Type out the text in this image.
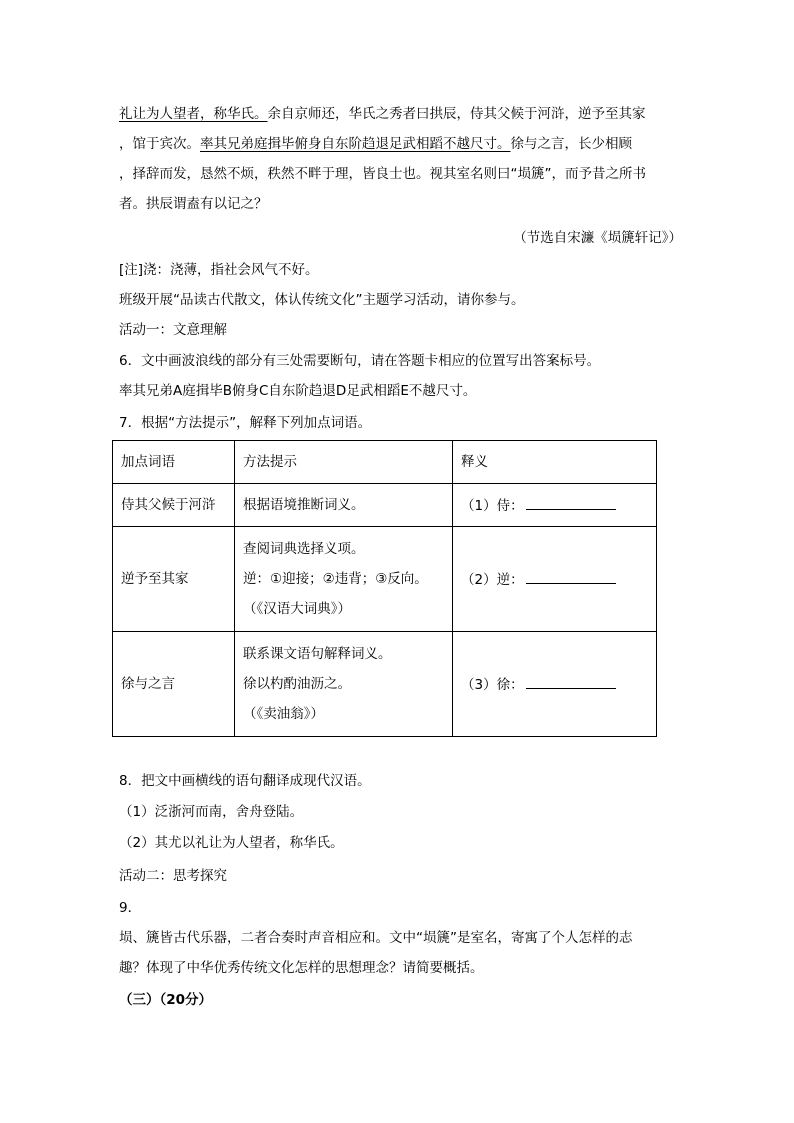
礼让为人望者，称华氏。余自京师还，华氏之秀者曰拱辰，侍其父候于河浒，逆予至其家
，馆于宾次。率其兄弟庭揖毕俯身自东阶趋退足武相蹈不越尺寸。徐与之言，长少相顾
，择辞而发，恳然不烦，秩然不畔于理，皆良士也。视其室名则曰“埙篪”，而予昔之所书
者。拱辰谓盍有以记之？
（节选自宋濂《埙篪轩记》）
[注]浇：浇薄，指社会风气不好。
班级开展“品读古代散文，体认传统文化”主题学习活动，请你参与。
活动一：文意理解
6．文中画波浪线的部分有三处需要断句，请在答题卡相应的位置写出答案标号。
率其兄弟A庭揖毕B俯身C自东阶趋退D足武相蹈E不越尺寸。
7．根据“方法提示”，解释下列加点词语。
加点词语	方法提示	释义
侍其父候于河浒	根据语境推断词义。	（1）侍：
逆予至其家	查阅词典选择义项。
逆：①迎接；②违背；③反向。
（《汉语大词典》）	（2）逆：
徐与之言	联系课文语句解释词义。
徐以杓酌油沥之。
（《卖油翁》）	（3）徐：
8．把文中画横线的语句翻译成现代汉语。
（1）泛浙河而南，舍舟登陆。
（2）其尤以礼让为人望者，称华氏。
活动二：思考探究
9．
埙、篪皆古代乐器，二者合奏时声音相应和。文中“埙篪”是室名，寄寓了个人怎样的志
趣？体现了中华优秀传统文化怎样的思想理念？请简要概括。
（三）（20分）
